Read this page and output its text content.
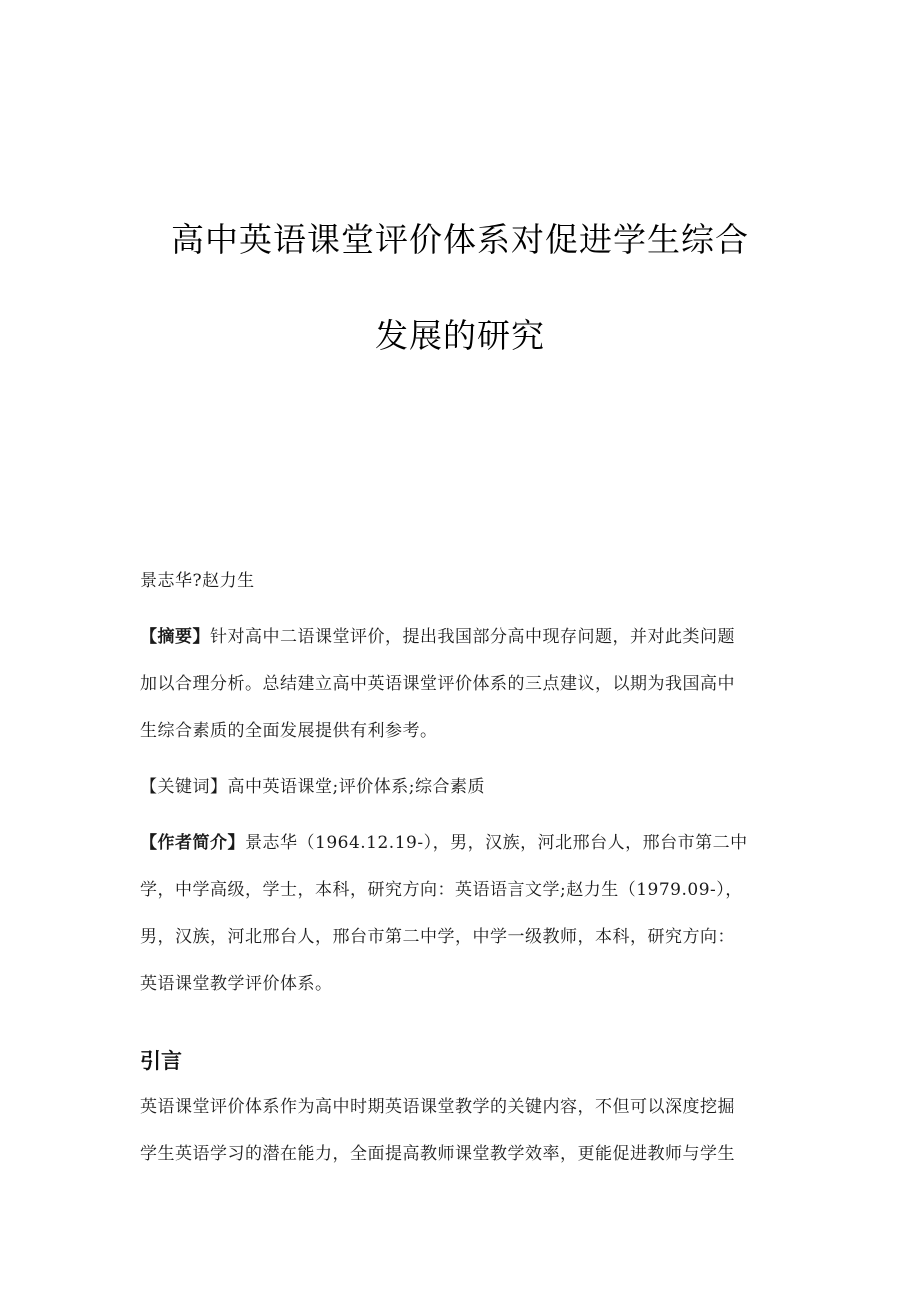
高中英语课堂评价体系对促进学生综合
发展的研究
景志华?赵力生
【摘要】针对高中二语课堂评价，提出我国部分高中现存问题，并对此类问题
加以合理分析。总结建立高中英语课堂评价体系的三点建议，以期为我国高中
生综合素质的全面发展提供有利参考。
【关键词】高中英语课堂;评价体系;综合素质
【作者简介】景志华（1964.12.19-），男，汉族，河北邢台人，邢台市第二中
学，中学高级，学士，本科，研究方向：英语语言文学;赵力生（1979.09-），
男，汉族，河北邢台人，邢台市第二中学，中学一级教师，本科，研究方向：
英语课堂教学评价体系。
引言
英语课堂评价体系作为高中时期英语课堂教学的关键内容，不但可以深度挖掘
学生英语学习的潜在能力，全面提高教师课堂教学效率，更能促进教师与学生
